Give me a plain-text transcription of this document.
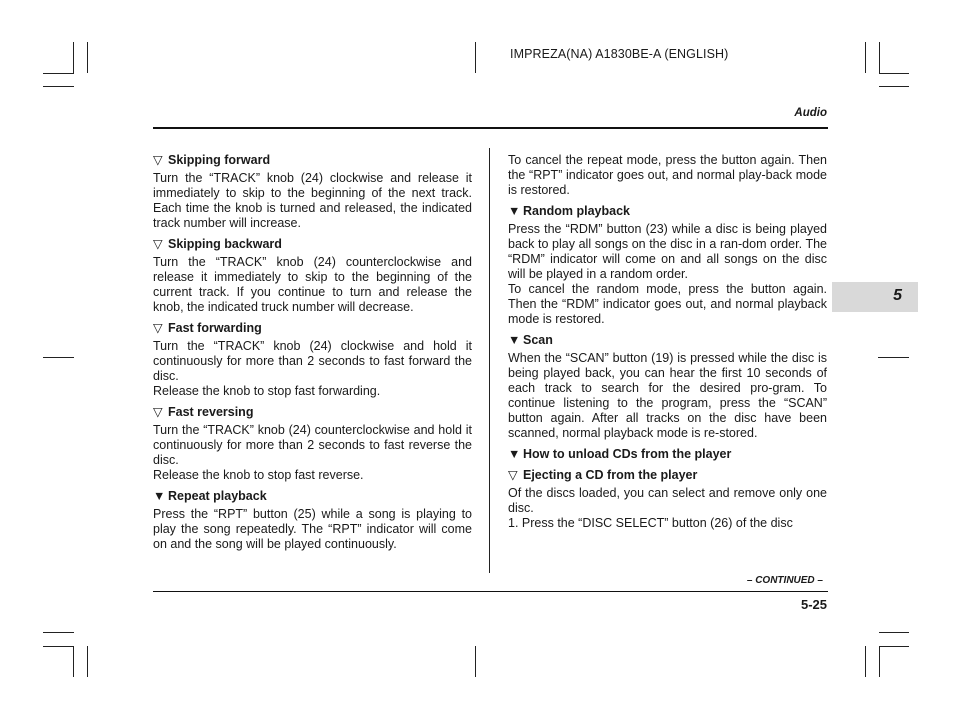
IMPREZA(NA) A1830BE-A (ENGLISH)
Audio
5

▽ Skipping forward

Turn the “TRACK” knob (24) clockwise and release it immediately to skip to the beginning of the next track. Each time the knob is turned and released, the indicated track number will increase.

▽ Skipping backward

Turn the “TRACK” knob (24) counterclockwise and release it immediately to skip to the beginning of the current track. If you continue to turn and release the knob, the indicated truck number will decrease.

▽ Fast forwarding

Turn the “TRACK” knob (24) clockwise and hold it continuously for more than 2 seconds to fast forward the disc.

Release the knob to stop fast forwarding.

▽ Fast reversing

Turn the “TRACK” knob (24) counterclockwise and hold it continuously for more than 2 seconds to fast reverse the disc.

Release the knob to stop fast reverse.

▼ Repeat playback

Press the “RPT” button (25) while a song is playing to play the song repeatedly. The “RPT” indicator will come on and the song will be played continuously.

To cancel the repeat mode, press the button again. Then the “RPT” indicator goes out, and normal play-back mode is restored.

▼ Random playback

Press the “RDM” button (23) while a disc is being played back to play all songs on the disc in a ran-dom order. The “RDM” indicator will come on and all songs on the disc will be played in a random order.

To cancel the random mode, press the button again. Then the “RDM” indicator goes out, and normal playback mode is restored.

▼ Scan

When the “SCAN” button (19) is pressed while the disc is being played back, you can hear the first 10 seconds of each track to search for the desired pro-gram. To continue listening to the program, press the “SCAN” button again. After all tracks on the disc have been scanned, normal playback mode is re-stored.

▼ How to unload CDs from the player

▽ Ejecting a CD from the player

Of the discs loaded, you can select and remove only one disc.

1. Press the “DISC SELECT” button (26) of the disc

– CONTINUED –
5-25
